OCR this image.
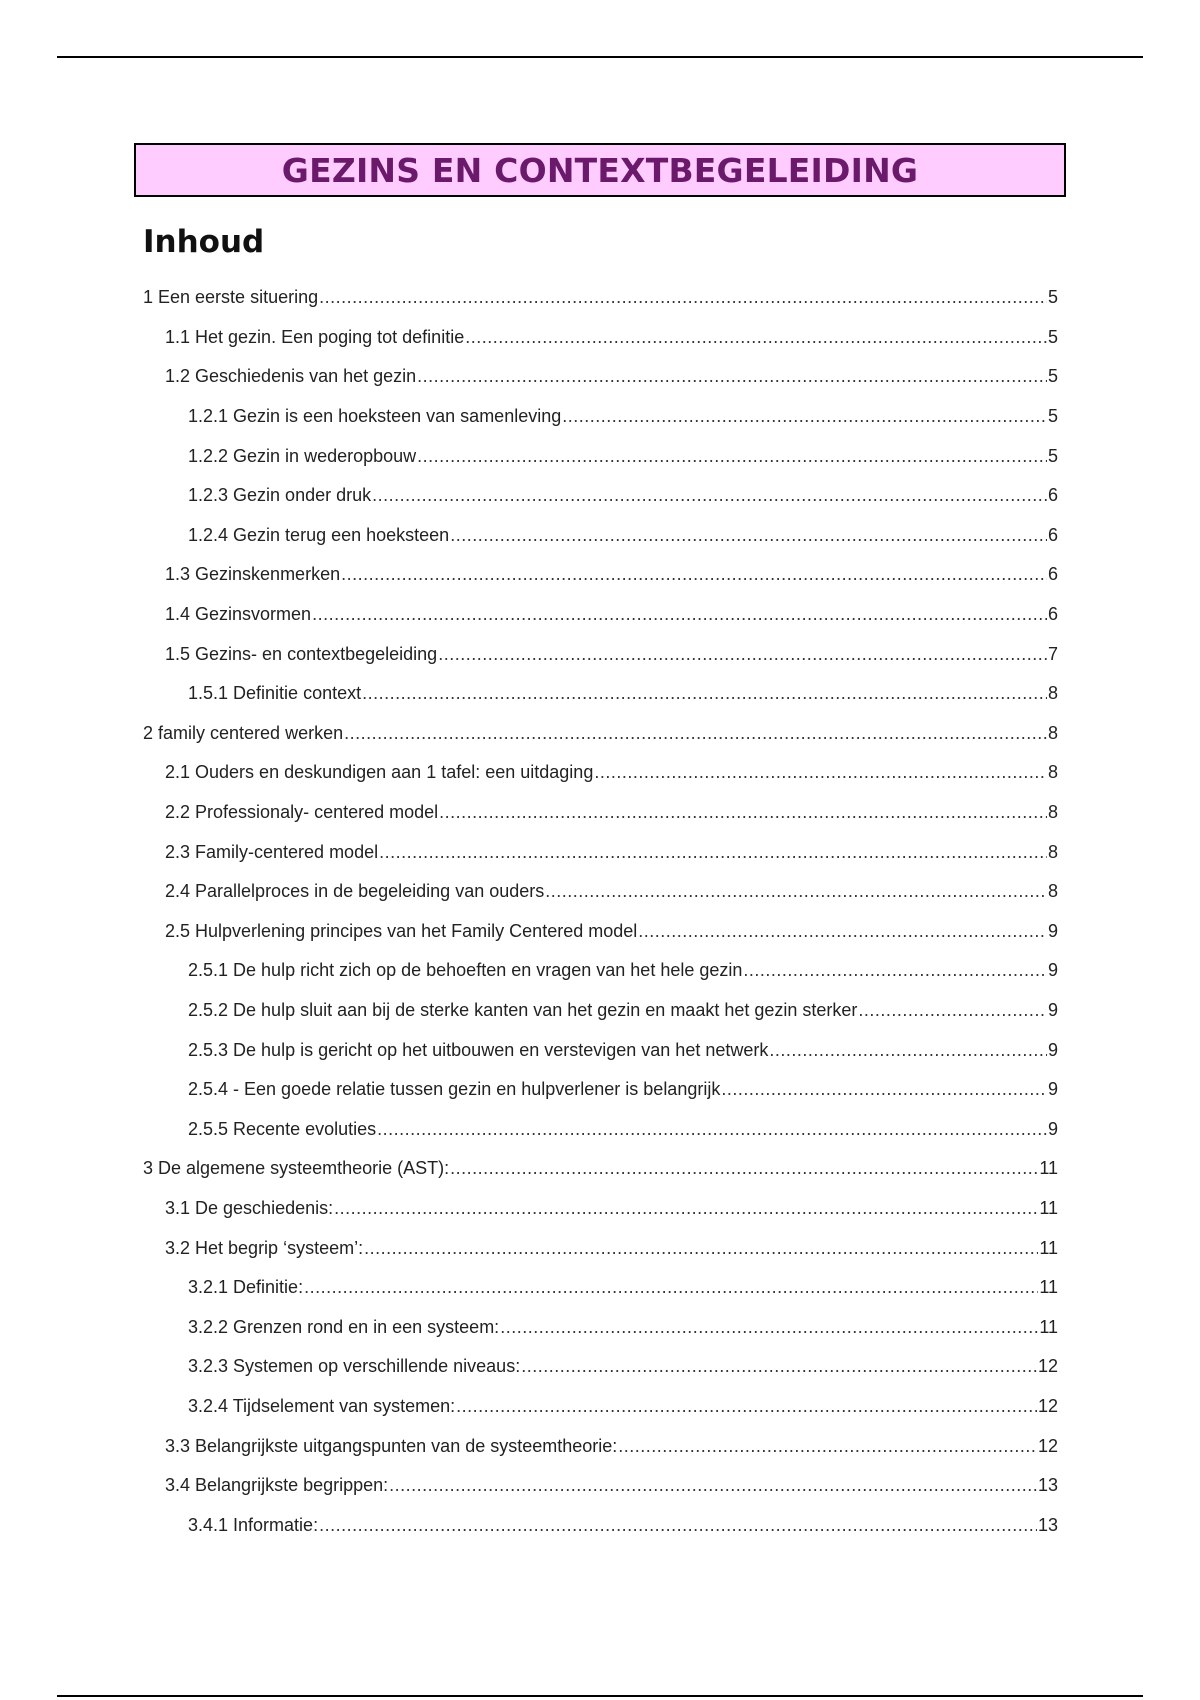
GEZINS EN CONTEXTBEGELEIDING
Inhoud
1 Een eerste situering .....	5
1.1 Het gezin. Een poging tot definitie .....	5
1.2 Geschiedenis van het gezin .....	5
1.2.1 Gezin is een hoeksteen van samenleving .....	5
1.2.2 Gezin in wederopbouw .....	5
1.2.3 Gezin onder druk .....	6
1.2.4 Gezin terug een hoeksteen .....	6
1.3 Gezinskenmerken .....	6
1.4 Gezinsvormen .....	6
1.5 Gezins- en contextbegeleiding .....	7
1.5.1 Definitie context .....	8
2 family centered werken .....	8
2.1 Ouders en deskundigen aan 1 tafel: een uitdaging .....	8
2.2 Professionaly- centered model .....	8
2.3 Family-centered model .....	8
2.4 Parallelproces in de begeleiding van ouders .....	8
2.5 Hulpverlening principes van het Family Centered model .....	9
2.5.1 De hulp richt zich op de behoeften en vragen van het hele gezin .....	9
2.5.2 De hulp sluit aan bij de sterke kanten van het gezin en maakt het gezin sterker .....	9
2.5.3 De hulp is gericht op het uitbouwen en verstevigen van het netwerk .....	9
2.5.4 - Een goede relatie tussen gezin en hulpverlener is belangrijk .....	9
2.5.5 Recente evoluties .....	9
3 De algemene systeemtheorie (AST): .....	11
3.1 De geschiedenis: .....	11
3.2 Het begrip ‘systeem’: .....	11
3.2.1 Definitie: .....	11
3.2.2 Grenzen rond en in een systeem: .....	11
3.2.3 Systemen op verschillende niveaus: .....	12
3.2.4 Tijdselement van systemen: .....	12
3.3 Belangrijkste uitgangspunten van de systeemtheorie: .....	12
3.4 Belangrijkste begrippen: .....	13
3.4.1 Informatie: .....	13
